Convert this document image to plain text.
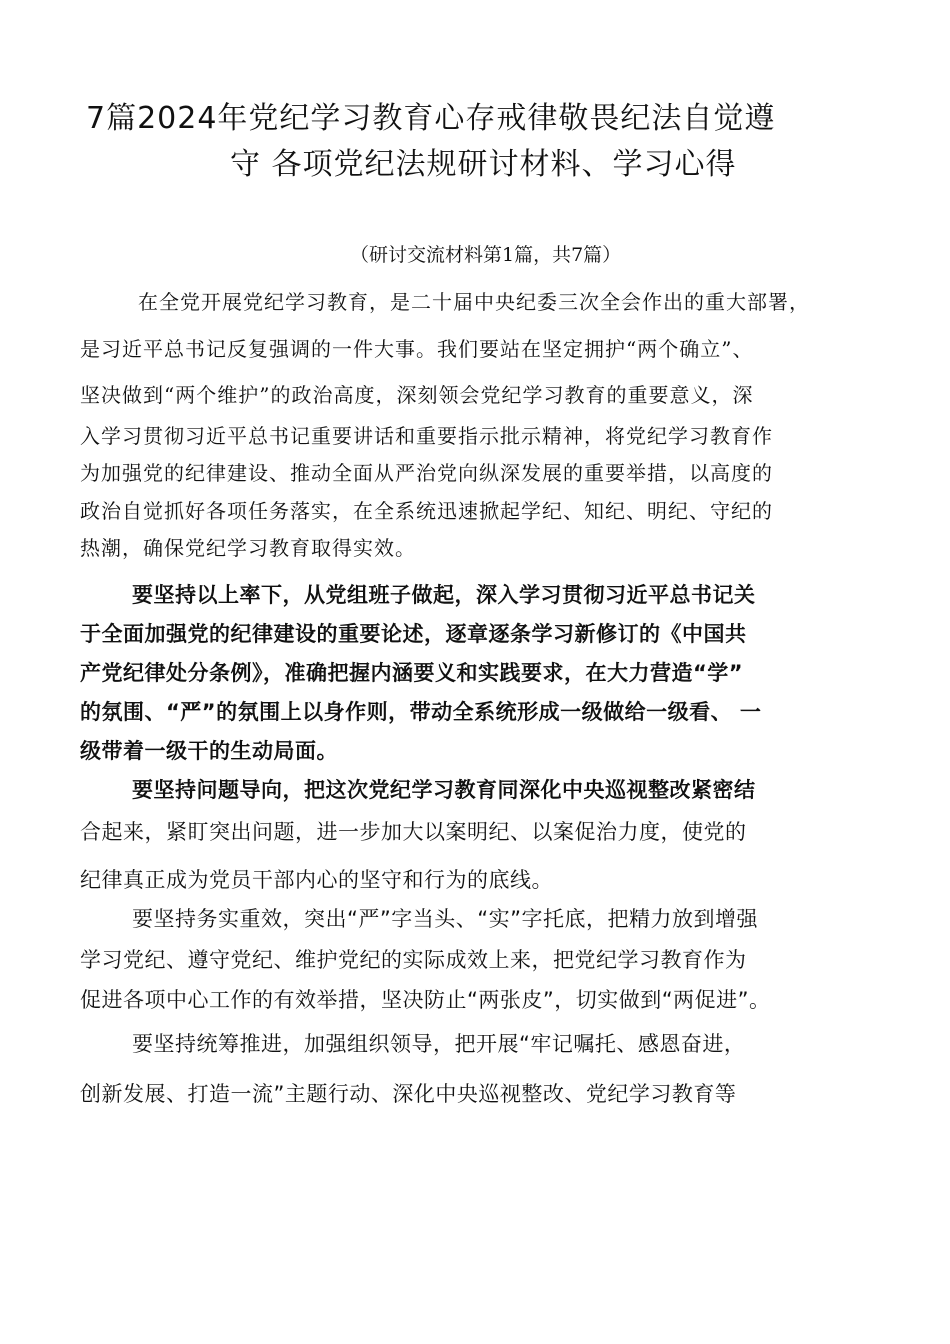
7篇2024年党纪学习教育心存戒律敬畏纪法自觉遵
守 各项党纪法规研讨材料、学习心得
（研讨交流材料第1篇，共7篇）
在全党开展党纪学习教育，是二十届中央纪委三次全会作出的重大部署，
是习近平总书记反复强调的一件大事。我们要站在坚定拥护“两个确立”、
坚决做到“两个维护”的政治高度，深刻领会党纪学习教育的重要意义，深
入学习贯彻习近平总书记重要讲话和重要指示批示精神，将党纪学习教育作
为加强党的纪律建设、推动全面从严治党向纵深发展的重要举措，以高度的
政治自觉抓好各项任务落实，在全系统迅速掀起学纪、知纪、明纪、守纪的
热潮，确保党纪学习教育取得实效。
要坚持以上率下，从党组班子做起，深入学习贯彻习近平总书记关
于全面加强党的纪律建设的重要论述，逐章逐条学习新修订的《中国共
产党纪律处分条例》，准确把握内涵要义和实践要求，在大力营造“学”
的氛围、“严”的氛围上以身作则，带动全系统形成一级做给一级看、 一
级带着一级干的生动局面。
要坚持问题导向，把这次党纪学习教育同深化中央巡视整改紧密结
合起来，紧盯突出问题，进一步加大以案明纪、以案促治力度，使党的
纪律真正成为党员干部内心的坚守和行为的底线。
要坚持务实重效，突出“严”字当头、“实”字托底，把精力放到增强
学习党纪、遵守党纪、维护党纪的实际成效上来，把党纪学习教育作为
促进各项中心工作的有效举措，坚决防止“两张皮”，切实做到“两促进”。
要坚持统筹推进，加强组织领导，把开展“牢记嘱托、感恩奋进，
创新发展、打造一流”主题行动、深化中央巡视整改、党纪学习教育等
